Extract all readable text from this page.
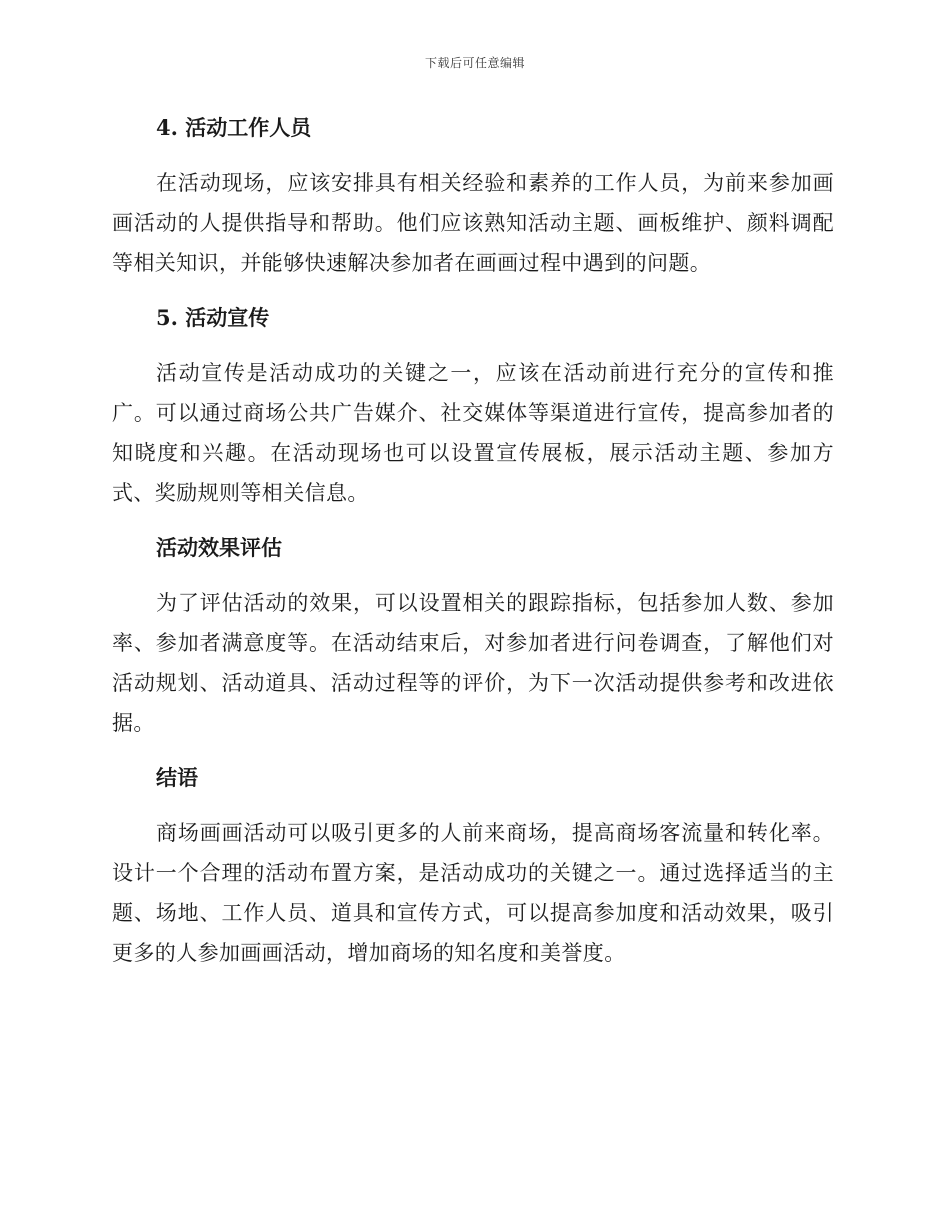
下载后可任意编辑

4. 活动工作人员

在活动现场，应该安排具有相关经验和素养的工作人员，为前来参加画画活动的人提供指导和帮助。他们应该熟知活动主题、画板维护、颜料调配等相关知识，并能够快速解决参加者在画画过程中遇到的问题。

5. 活动宣传

活动宣传是活动成功的关键之一，应该在活动前进行充分的宣传和推广。可以通过商场公共广告媒介、社交媒体等渠道进行宣传，提高参加者的知晓度和兴趣。在活动现场也可以设置宣传展板，展示活动主题、参加方式、奖励规则等相关信息。

活动效果评估

为了评估活动的效果，可以设置相关的跟踪指标，包括参加人数、参加率、参加者满意度等。在活动结束后，对参加者进行问卷调查，了解他们对活动规划、活动道具、活动过程等的评价，为下一次活动提供参考和改进依据。

结语

商场画画活动可以吸引更多的人前来商场，提高商场客流量和转化率。设计一个合理的活动布置方案，是活动成功的关键之一。通过选择适当的主题、场地、工作人员、道具和宣传方式，可以提高参加度和活动效果，吸引更多的人参加画画活动，增加商场的知名度和美誉度。
